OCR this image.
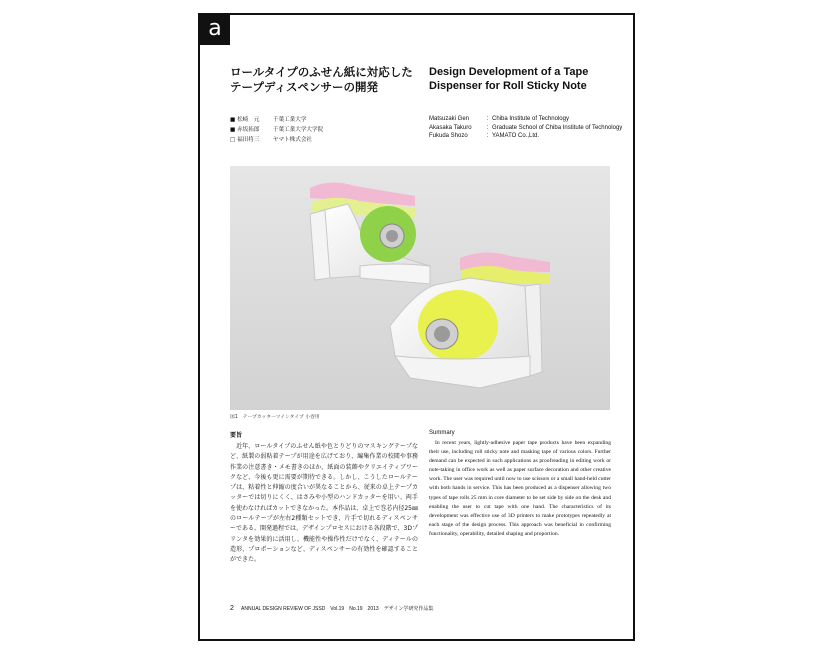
a
ロールタイプのふせん紙に対応したテープディスペンサーの開発
Design Development of a Tape Dispenser for Roll Sticky Note
■ 松崎　元 千葉工業大学
■ 赤坂拓郎 千葉工業大学大学院
□ 福田将三 ヤマト株式会社
Matsuzaki Gen	：Chiba Institute of Technology
Akasaka Takuro	：Graduate School of Chiba Institute of Technology
Fukuda Shozo	：YAMATO Co.,Ltd.
図1　テープカッターツインタイプ 小巻用
要旨
近年、ロールタイプのふせん紙や色とりどりのマスキングテープなど、紙製の弱粘着テープが用途を広げており、編集作業の校閲や事務作業の注意書き・メモ書きのほか、紙面の装飾やクリエイティブワークなど、今後も更に需要が期待できる。しかし、こうしたロールテープは、粘着性と伸縮の度合いが異なることから、従来の卓上テープカッターでは切りにくく、はさみや小型のハンドカッターを用い、両手を使わなければカットできなかった。本作品は、卓上で巻芯内径25㎜のロールテープが左右2種類セットでき、片手で切れるディスペンサーである。開発過程では、デザインプロセスにおける各段階で、3Dプリンタを効果的に活用し、機能性や操作性だけでなく、ディテールの造形、プロポーションなど、ディスペンサーの有効性を確認することができた。
Summary
In recent years, lightly-adhesive paper tape products have been expanding their use, including roll sticky note and masking tape of various colors. Further demand can be expected in such applications as proofreading in editing work or note-taking in office work as well as paper surface decoration and other creative work. The user was required until now to use scissors or a small hand-held cutter with both hands in service. This has been produced as a dispenser allowing two types of tape rolls 25 mm in core diameter to be set side by side on the desk and enabling the user to cut tape with one hand. The characteristics of its development was effective use of 3D printers to make prototypes repeatedly at each stage of the design process. This approach was beneficial in confirming functionality, operability, detailed shaping and proportion.
2 ANNUAL DESIGN REVIEW OF JSSD　Vol.19　No.19　2013　デザイン学研究作品集
